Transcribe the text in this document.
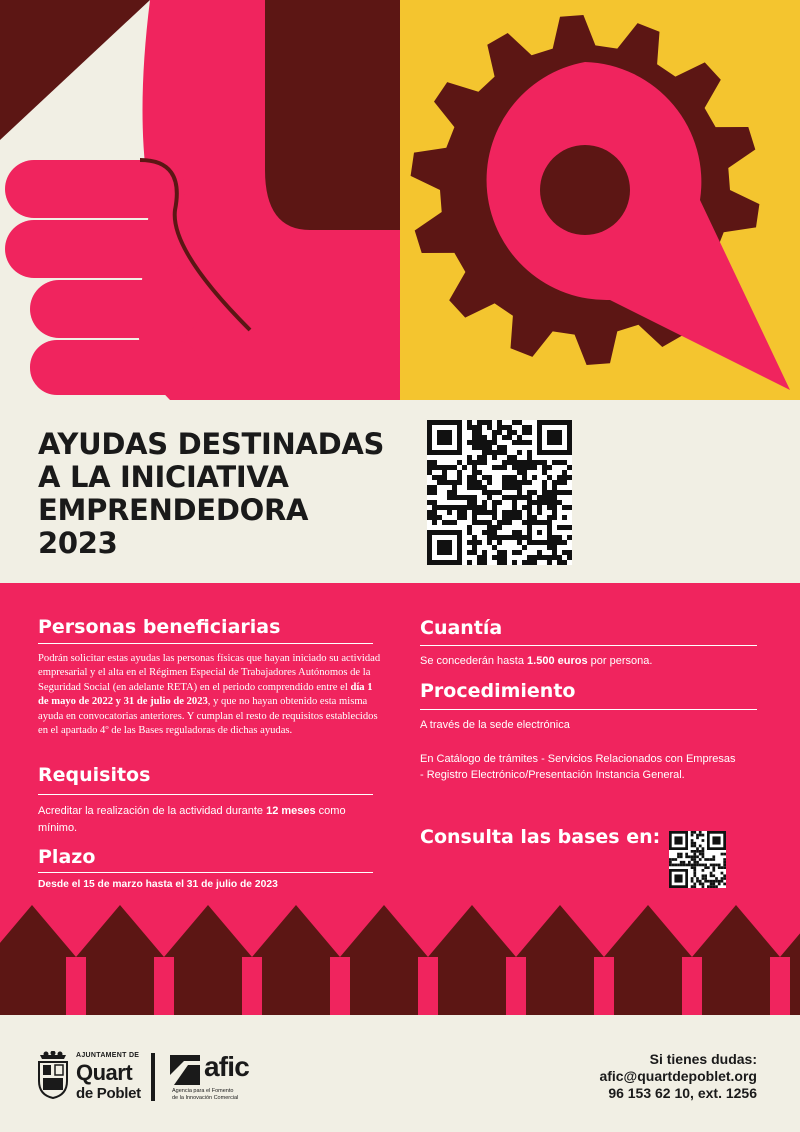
AYUDAS DESTINADAS
A LA INICIATIVA
EMPRENDEDORA
2023
Personas beneficiarias
Podrán solicitar estas ayudas las personas físicas que hayan iniciado su actividad empresarial y el alta en el Régimen Especial de Trabajadores Autónomos de la Seguridad Social (en adelante RETA) en el periodo comprendido entre el día 1 de mayo de 2022 y 31 de julio de 2023, y que no hayan obtenido esta misma ayuda en convocatorias anteriores. Y cumplan el resto de requisitos establecidos en el apartado 4º de las Bases reguladoras de dichas ayudas.
Requisitos
Acreditar la realización de la actividad durante 12 meses como mínimo.
Plazo
Desde el 15 de marzo hasta el 31 de julio de 2023
Cuantía
Se concederán hasta 1.500 euros por persona.
Procedimiento
A través de la sede electrónica
En Catálogo de trámites - Servicios Relacionados con Empresas - Registro Electrónico/Presentación Instancia General.
Consulta las bases en:
AJUNTAMENT DE
Quart
de Poblet
afic
Agencia para el Fomento
de la Innovación Comercial
Si tienes dudas:
afic@quartdepoblet.org
96 153 62 10, ext. 1256
